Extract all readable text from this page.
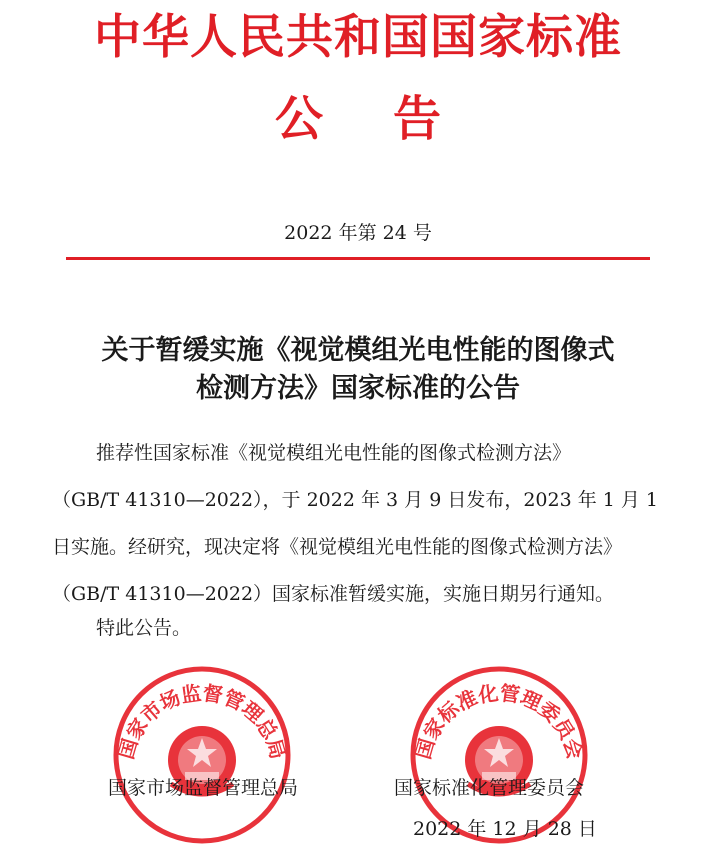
中华人民共和国国家标准
公告
2022 年第 24 号
关于暂缓实施《视觉模组光电性能的图像式
检测方法》国家标准的公告
推荐性国家标准《视觉模组光电性能的图像式检测方法》
（GB/T 41310—2022），于 2022 年 3 月 9 日发布，2023 年 1 月 1
日实施。经研究，现决定将《视觉模组光电性能的图像式检测方法》
（GB/T 41310—2022）国家标准暂缓实施，实施日期另行通知。
特此公告。
国家市场监督管理总局	国家标准化管理委员会
国家市场监督管理总局	国家标准化管理委员会
2022 年 12 月 28 日
